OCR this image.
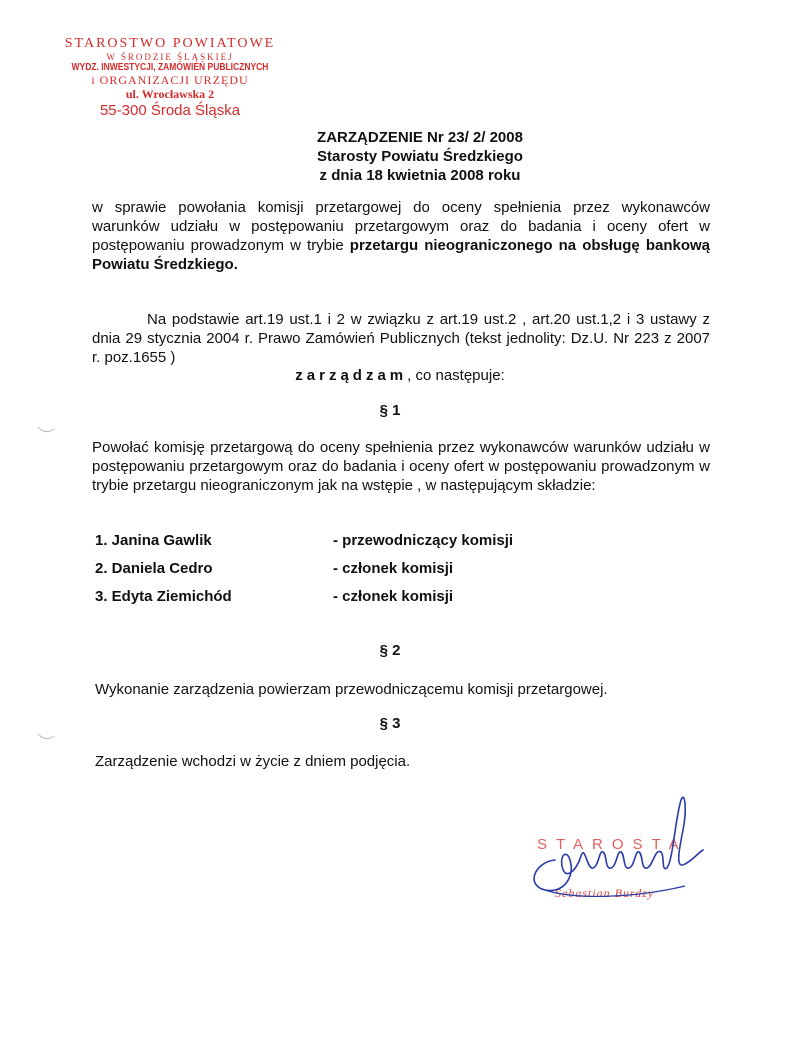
STAROSTWO POWIATOWE
W ŚRODZIE ŚLĄSKIEJ
WYDZ. INWESTYCJI, ZAMÓWIEŃ PUBLICZNYCH
i ORGANIZACJI URZĘDU
ul. Wrocławska 2
55-300 Środa Śląska
ZARZĄDZENIE Nr 23/ 2/ 2008
Starosty Powiatu Średzkiego
z dnia 18 kwietnia 2008 roku
w sprawie powołania komisji przetargowej do oceny spełnienia przez wykonawców warunków udziału w postępowaniu przetargowym oraz do badania i oceny ofert w postępowaniu prowadzonym w trybie przetargu nieograniczonego na obsługę bankową Powiatu Średzkiego.
Na podstawie art.19 ust.1 i 2 w związku z art.19 ust.2 , art.20 ust.1,2 i 3 ustawy z dnia 29 stycznia 2004 r. Prawo Zamówień Publicznych (tekst jednolity: Dz.U. Nr 223 z 2007 r. poz.1655 )
zarządzam, co następuje:
§ 1
Powołać komisję przetargową do oceny spełnienia przez wykonawców warunków udziału w postępowaniu przetargowym oraz do badania i oceny ofert w postępowaniu prowadzonym w trybie przetargu nieograniczonym jak na wstępie , w następującym składzie:
1. Janina Gawlik	- przewodniczący komisji
2. Daniela Cedro	- członek komisji
3. Edyta Ziemichód	- członek komisji
§ 2
Wykonanie zarządzenia powierzam przewodniczącemu komisji przetargowej.
§ 3
Zarządzenie wchodzi w życie z dniem podjęcia.
STAROSTA
Sebastian Burdzy
